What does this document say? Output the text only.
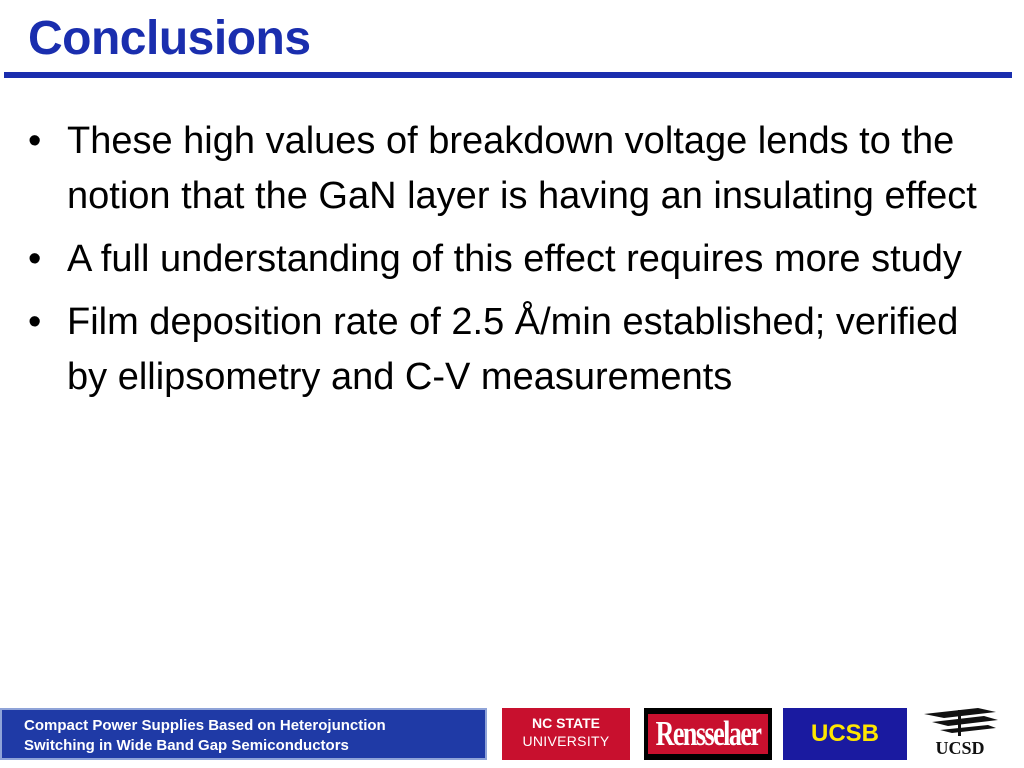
Conclusions
• These high values of breakdown voltage lends to the notion that the GaN layer is having an insulating effect
• A full understanding of this effect requires more study
• Film deposition rate of 2.5 Å/min established; verified by ellipsometry and C-V measurements
Compact Power Supplies Based on Heterojunction
Switching in Wide Band Gap Semiconductors
NC STATE
UNIVERSITY	Rensselaer UCSB
UCSD
